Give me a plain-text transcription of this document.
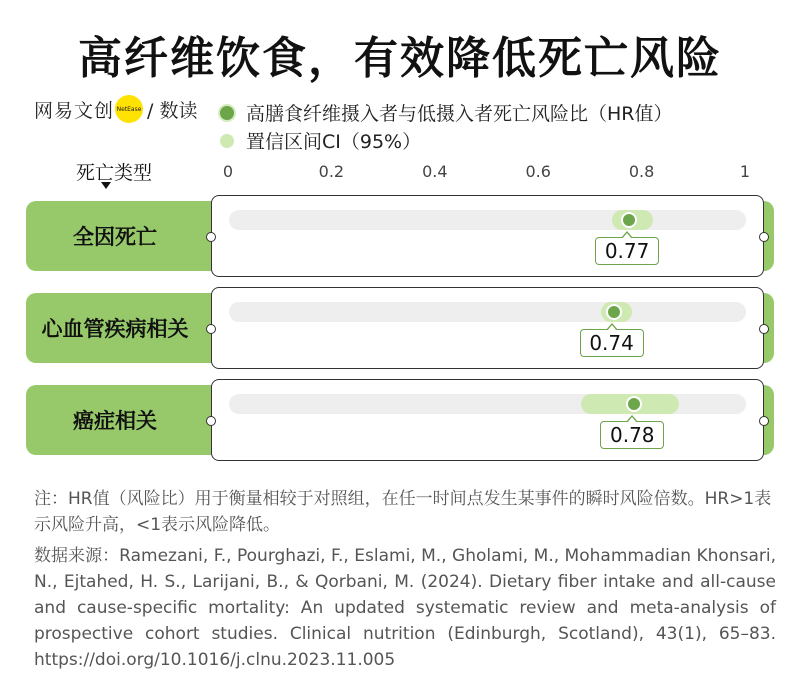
高纤维饮食，有效降低死亡风险
网易文创 NetEase / 数读	高膳食纤维摄入者与低摄入者死亡风险比（HR值）
置信区间CI（95%）
死亡类型	0	0.2	0.4	0.6	0.8	1
全因死亡
0.77
心血管疾病相关
0.74
癌症相关
0.78
注：HR值（风险比）用于衡量相较于对照组，在任一时间点发生某事件的瞬时风险倍数。HR>1表示风险升高，<1表示风险降低。
数据来源：Ramezani, F., Pourghazi, F., Eslami, M., Gholami, M., Mohammadian Khonsari, N., Ejtahed, H. S., Larijani, B., & Qorbani, M. (2024). Dietary fiber intake and all-cause and cause-specific mortality: An updated systematic review and meta-analysis of prospective cohort studies. Clinical nutrition (Edinburgh, Scotland), 43(1), 65–83. https://doi.org/10.1016/j.clnu.2023.11.005
